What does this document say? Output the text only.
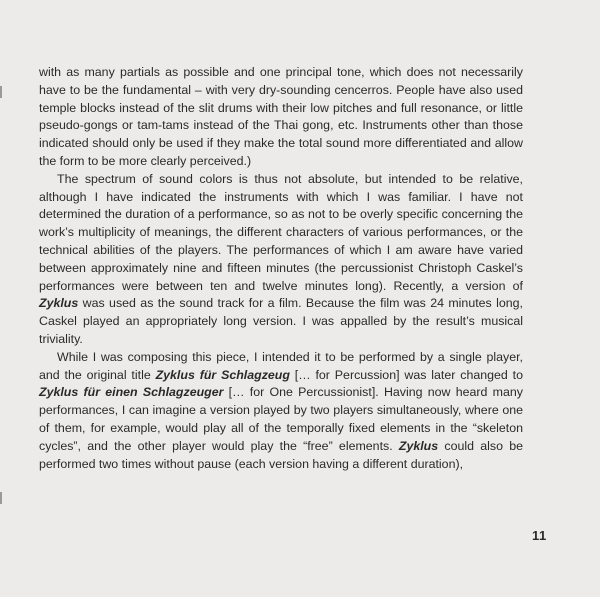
with as many partials as possible and one principal tone, which does not necessarily have to be the fundamental – with very dry-sounding cencerros. People have also used temple blocks instead of the slit drums with their low pitches and full resonance, or little pseudo-gongs or tam-tams instead of the Thai gong, etc. Instruments other than those indicated should only be used if they make the total sound more differentiated and allow the form to be more clearly perceived.)

The spectrum of sound colors is thus not absolute, but intended to be relative, although I have indicated the instruments with which I was familiar. I have not determined the duration of a performance, so as not to be overly specific concerning the work’s multiplicity of meanings, the different characters of various performances, or the technical abilities of the players. The performances of which I am aware have varied between approximately nine and fifteen minutes (the percussionist Christoph Caskel’s performances were between ten and twelve minutes long). Recently, a version of Zyklus was used as the sound track for a film. Because the film was 24 minutes long, Caskel played an appropriately long version. I was appalled by the result’s musical triviality.

While I was composing this piece, I intended it to be performed by a single player, and the original title Zyklus für Schlagzeug [… for Percussion] was later changed to Zyklus für einen Schlagzeuger [… for One Percussionist]. Having now heard many performances, I can imagine a version played by two players simultaneously, where one of them, for example, would play all of the temporally fixed elements in the “skeleton cycles”, and the other player would play the “free” elements. Zyklus could also be performed two times without pause (each version having a different duration),

11
